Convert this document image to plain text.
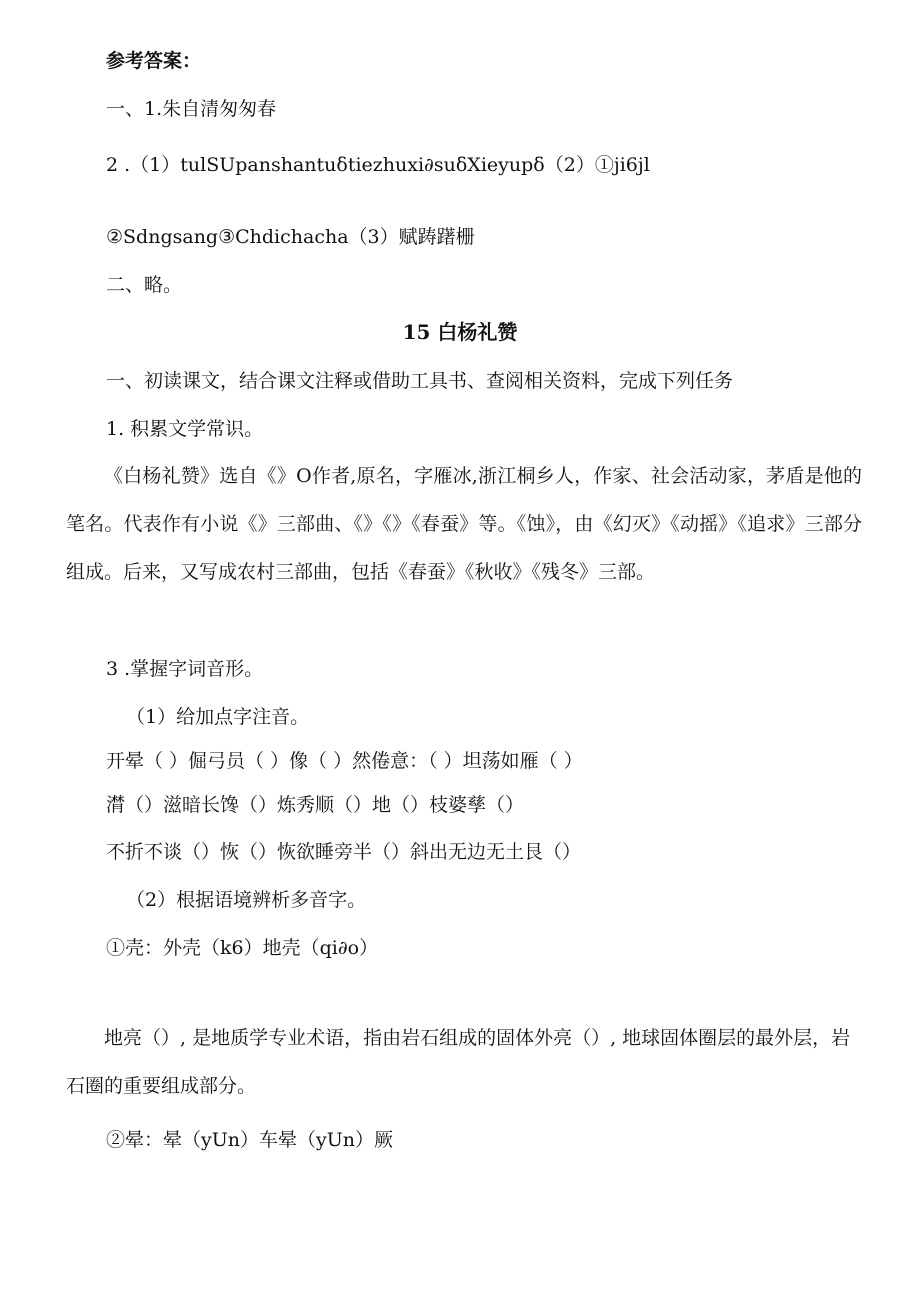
参考答案：
一、1.朱自清匆匆春
2 .（1）tulSUpanshantuδtiezhuxi∂suδXieyupδ（2）①ji6jl
②Sdngsang③Chdichacha（3）赋踌躇栅
二、略。
15 白杨礼赞
一、初读课文，结合课文注释或借助工具书、查阅相关资料，完成下列任务
1. 积累文学常识。
《白杨礼赞》选自《》O作者,原名，字雁冰,浙江桐乡人，作家、社会活动家，茅盾是他的笔名。代表作有小说《》三部曲、《》《》《春蚕》等。《蚀》，由《幻灭》《动摇》《追求》三部分组成。后来，又写成农村三部曲，包括《春蚕》《秋收》《残冬》三部。
3 .掌握字词音形。
（1）给加点字注音。
开晕（ ）倔弓员（ ）像（ ）然倦意：（ ）坦荡如雁（ ）
潸（）滋暗长馋（）炼秀顺（）地（）枝婆孳（）
不折不谈（）恢（）恢欲睡旁半（）斜出无边无土艮（）
（2）根据语境辨析多音字。
①壳：外壳（k6）地壳（qi∂o）
地亮（）, 是地质学专业术语，指由岩石组成的固体外亮（）, 地球固体圈层的最外层，岩石圈的重要组成部分。
②晕：晕（yUn）车晕（yUn）厥
